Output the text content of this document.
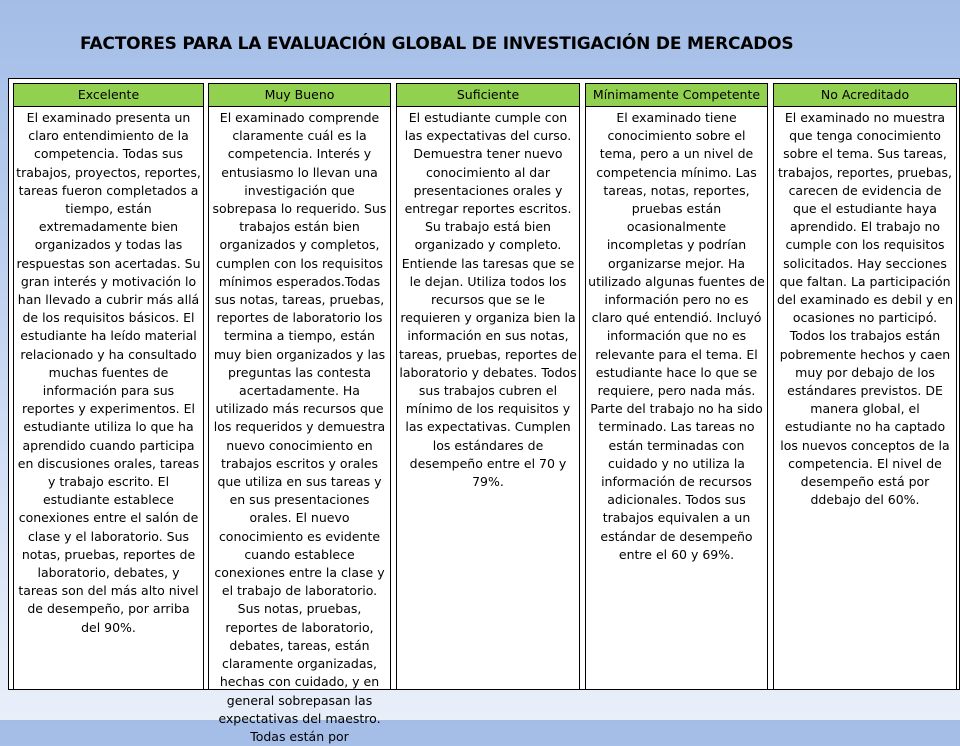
FACTORES PARA LA EVALUACIÓN GLOBAL DE INVESTIGACIÓN DE MERCADOS
Excelente
El examinado presenta un claro entendimiento de la competencia. Todas sus trabajos, proyectos, reportes, tareas fueron completados a tiempo, están extremadamente bien organizados y todas las respuestas son acertadas. Su gran interés y motivación lo han llevado a cubrir más allá de los requisitos básicos. El estudiante ha leído material relacionado y ha consultado muchas fuentes de información para sus reportes y experimentos. El estudiante utiliza lo que ha aprendido cuando participa en discusiones orales, tareas y trabajo escrito. El estudiante establece conexiones entre el salón de clase y el laboratorio. Sus notas, pruebas, reportes de laboratorio, debates, y tareas son del más alto nivel de desempeño, por arriba del 90%.
Muy Bueno
El examinado comprende claramente cuál es la competencia. Interés y entusiasmo lo llevan una investigación que sobrepasa lo requerido. Sus trabajos están bien organizados y completos, cumplen con los requisitos mínimos esperados.Todas sus notas, tareas, pruebas, reportes de laboratorio los termina a tiempo, están muy bien organizados y las preguntas las contesta acertadamente. Ha utilizado más recursos que los requeridos y demuestra nuevo conocimiento en trabajos escritos y orales que utiliza en sus tareas y en sus presentaciones orales. El nuevo conocimiento es evidente cuando establece conexiones entre la clase y el trabajo de laboratorio. Sus notas, pruebas, reportes de laboratorio, debates, tareas, están claramente organizadas, hechas con cuidado, y en general sobrepasan las expectativas del maestro. Todas están por
Suficiente
El estudiante cumple con las expectativas del curso. Demuestra tener nuevo conocimiento al dar presentaciones orales y entregar reportes escritos. Su trabajo está bien organizado y completo. Entiende las taresas que se le dejan. Utiliza todos los recursos que se le requieren y organiza bien la información en sus notas, tareas, pruebas, reportes de laboratorio y debates. Todos sus trabajos cubren el mínimo de los requisitos y las expectativas. Cumplen los estándares de desempeño entre el 70 y 79%.
Mínimamente Competente
El examinado tiene conocimiento sobre el tema, pero a un nivel de competencia mínimo. Las tareas, notas, reportes, pruebas están ocasionalmente incompletas y podrían organizarse mejor. Ha utilizado algunas fuentes de información pero no es claro qué entendió. Incluyó información que no es relevante para el tema. El estudiante hace lo que se requiere, pero nada más. Parte del trabajo no ha sido terminado. Las tareas no están terminadas con cuidado y no utiliza la información de recursos adicionales. Todos sus trabajos equivalen a un estándar de desempeño entre el 60 y 69%.
No Acreditado
El examinado no muestra que tenga conocimiento sobre el tema. Sus tareas, trabajos, reportes, pruebas, carecen de evidencia de que el estudiante haya aprendido. El trabajo no cumple con los requisitos solicitados. Hay secciones que faltan. La participación del examinado es debil y en ocasiones no participó. Todos los trabajos están pobremente hechos y caen muy por debajo de los estándares previstos. DE manera global, el estudiante no ha captado los nuevos conceptos de la competencia. El nivel de desempeño está por ddebajo del 60%.
